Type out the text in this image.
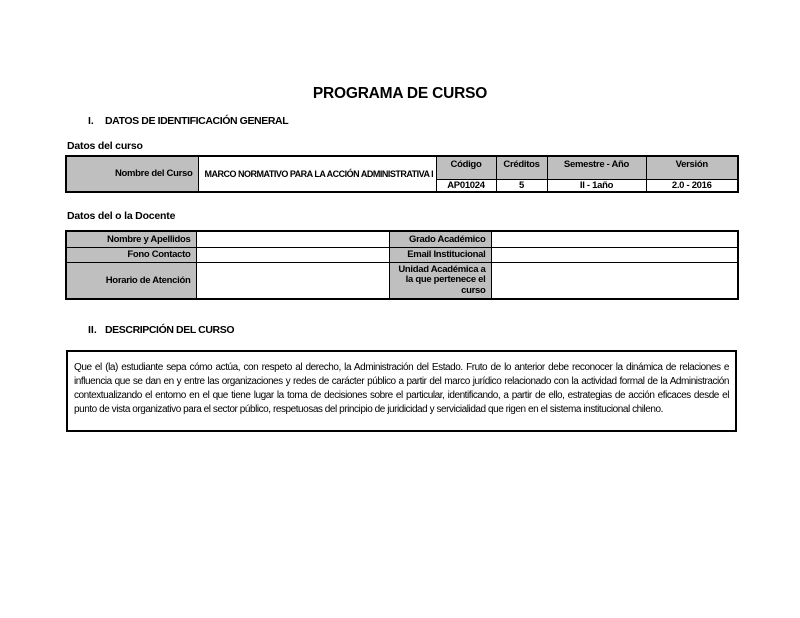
PROGRAMA DE CURSO
I.	DATOS DE IDENTIFICACIÓN GENERAL
Datos del curso
Nombre del Curso	MARCO NORMATIVO PARA LA ACCIÓN ADMINISTRATIVA I	Código	Créditos	Semestre - Año	Versión
		AP01024	5	II - 1año	2.0 - 2016
Datos del o la Docente
Nombre y Apellidos		Grado Académico	
Fono Contacto		Email Institucional	
Horario de Atención		Unidad Académica a la que pertenece el curso	
II. DESCRIPCIÓN DEL CURSO

Que el (la) estudiante sepa cómo actúa, con respeto al derecho, la Administración del Estado. Fruto de lo anterior debe reconocer la dinámica de relaciones e influencia que se dan en y entre las organizaciones y redes de carácter público a partir del marco jurídico relacionado con la actividad formal de la Administración contextualizando el entorno en el que tiene lugar la toma de decisiones sobre el particular, identificando, a partir de ello, estrategias de acción eficaces desde el punto de vista organizativo para el sector público, respetuosas del principio de juridicidad y servicialidad que rigen en el sistema institucional chileno.
